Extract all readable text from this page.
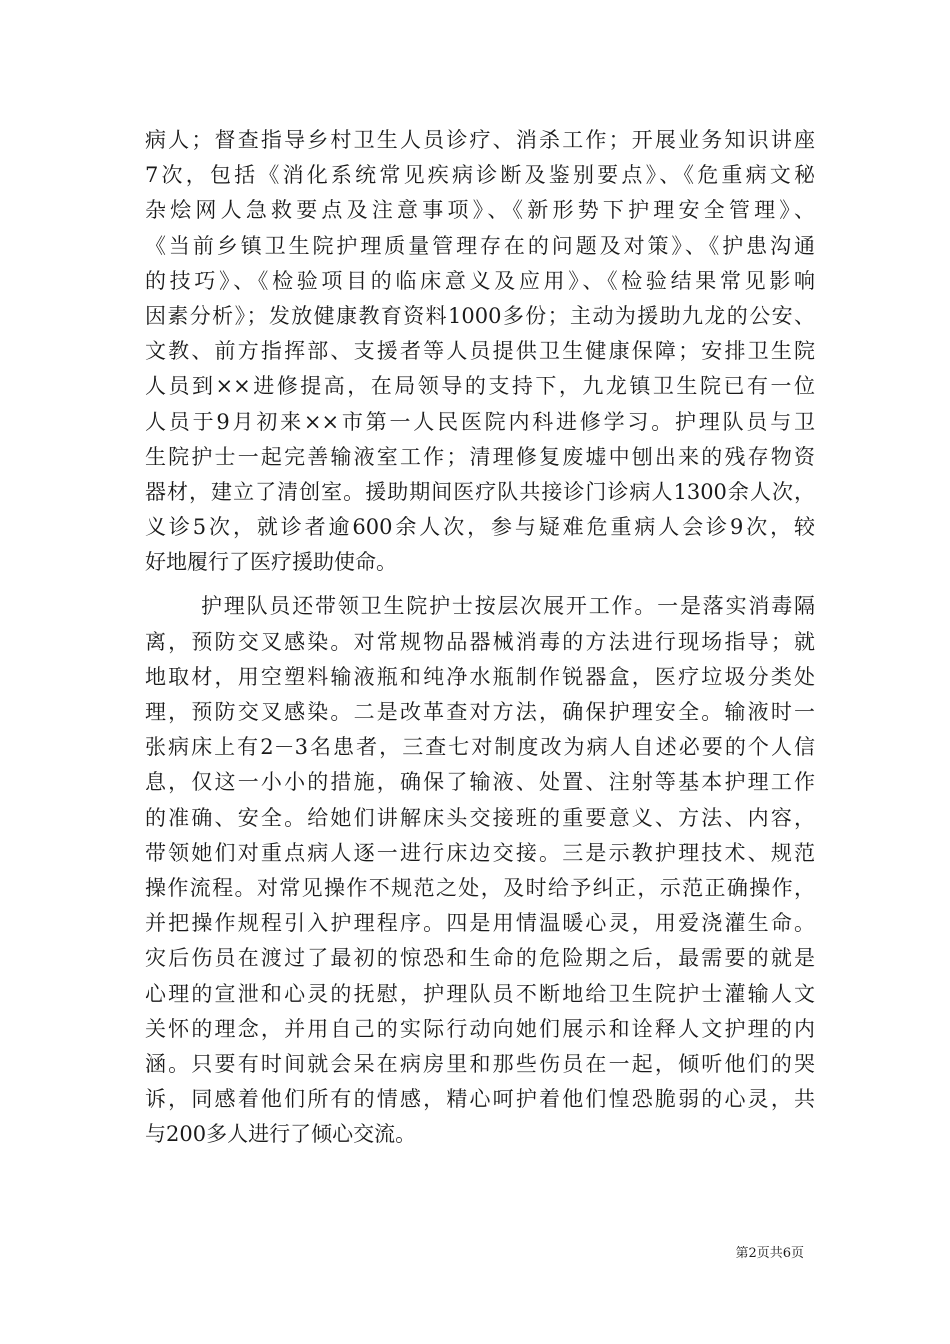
病人；督查指导乡村卫生人员诊疗、消杀工作；开展业务知识讲座
7次，包括《消化系统常见疾病诊断及鉴别要点》、《危重病文秘
杂烩网人急救要点及注意事项》、《新形势下护理安全管理》、
《当前乡镇卫生院护理质量管理存在的问题及对策》、《护患沟通
的技巧》、《检验项目的临床意义及应用》、《检验结果常见影响
因素分析》；发放健康教育资料1000多份；主动为援助九龙的公安、
文教、前方指挥部、支援者等人员提供卫生健康保障；安排卫生院
人员到××进修提高，在局领导的支持下，九龙镇卫生院已有一位
人员于9月初来××市第一人民医院内科进修学习。护理队员与卫
生院护士一起完善输液室工作；清理修复废墟中刨出来的残存物资
器材，建立了清创室。援助期间医疗队共接诊门诊病人1300余人次，
义诊5次，就诊者逾600余人次，参与疑难危重病人会诊9次，较
好地履行了医疗援助使命。
护理队员还带领卫生院护士按层次展开工作。一是落实消毒隔
离，预防交叉感染。对常规物品器械消毒的方法进行现场指导；就
地取材，用空塑料输液瓶和纯净水瓶制作锐器盒，医疗垃圾分类处
理，预防交叉感染。二是改革查对方法，确保护理安全。输液时一
张病床上有2－3名患者，三查七对制度改为病人自述必要的个人信
息，仅这一小小的措施，确保了输液、处置、注射等基本护理工作
的准确、安全。给她们讲解床头交接班的重要意义、方法、内容，
带领她们对重点病人逐一进行床边交接。三是示教护理技术、规范
操作流程。对常见操作不规范之处，及时给予纠正，示范正确操作，
并把操作规程引入护理程序。四是用情温暖心灵，用爱浇灌生命。
灾后伤员在渡过了最初的惊恐和生命的危险期之后，最需要的就是
心理的宣泄和心灵的抚慰，护理队员不断地给卫生院护士灌输人文
关怀的理念，并用自己的实际行动向她们展示和诠释人文护理的内
涵。只要有时间就会呆在病房里和那些伤员在一起，倾听他们的哭
诉，同感着他们所有的情感，精心呵护着他们惶恐脆弱的心灵，共
与200多人进行了倾心交流。
第2页共6页
